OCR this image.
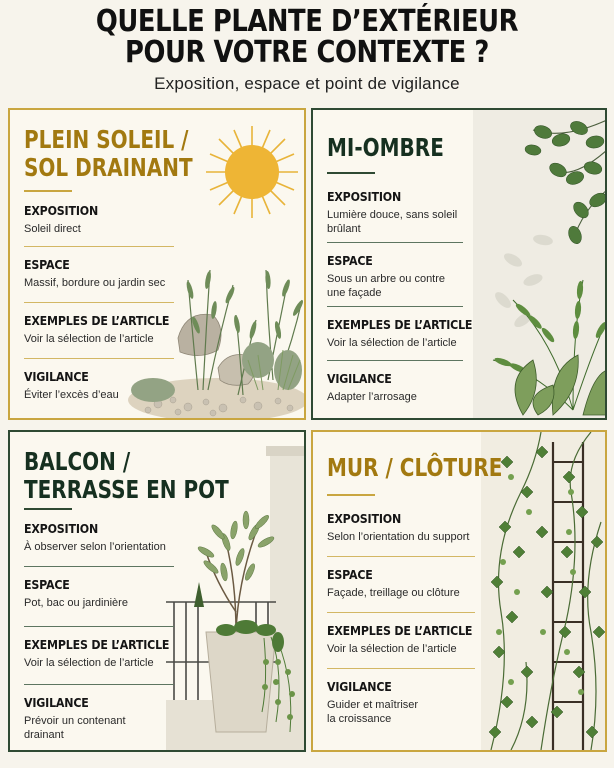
QUELLE PLANTE D’EXTÉRIEUR
POUR VOTRE CONTEXTE ?
Exposition, espace et point de vigilance
PLEIN SOLEIL /
SOL DRAINANT
EXPOSITION
Soleil direct
ESPACE
Massif, bordure ou jardin sec
EXEMPLES DE L’ARTICLE
Voir la sélection de l’article
VIGILANCE
Éviter l’excès d’eau
MI-OMBRE
EXPOSITION
Lumière douce, sans soleil
brûlant
ESPACE
Sous un arbre ou contre
une façade
EXEMPLES DE L’ARTICLE
Voir la sélection de l’article
VIGILANCE
Adapter l’arrosage
BALCON /
TERRASSE EN POT
EXPOSITION
À observer selon l’orientation
ESPACE
Pot, bac ou jardinière
EXEMPLES DE L’ARTICLE
Voir la sélection de l’article
VIGILANCE
Prévoir un contenant
drainant
MUR / CLÔTURE
EXPOSITION
Selon l’orientation du support
ESPACE
Façade, treillage ou clôture
EXEMPLES DE L’ARTICLE
Voir la sélection de l’article
VIGILANCE
Guider et maîtriser
la croissance
